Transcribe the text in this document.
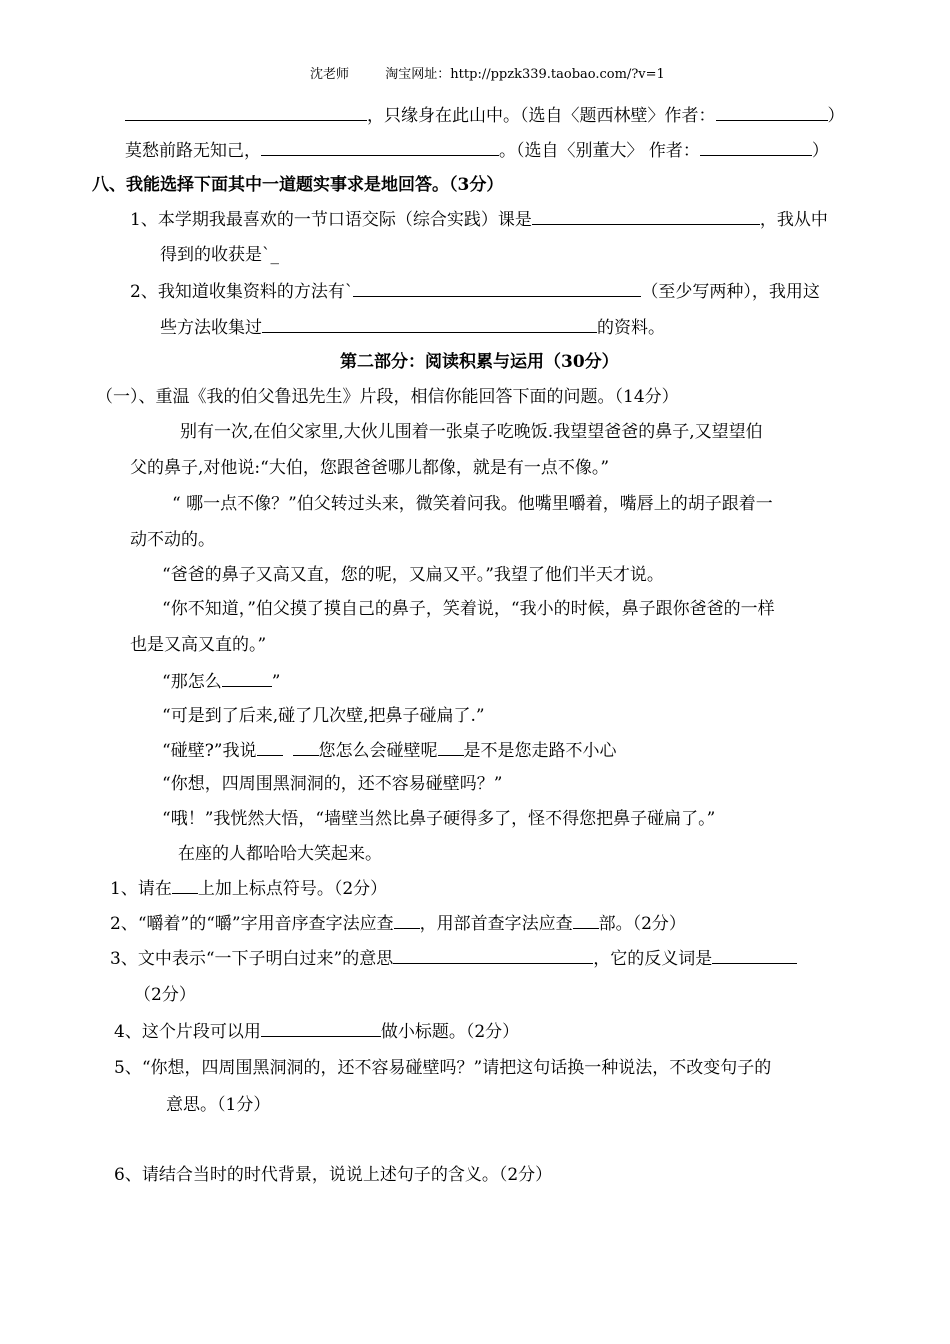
沈老师	淘宝网址：http://ppzk339.taobao.com/?v=1
，只缘身在此山中。（选自〈题西林壁〉作者：	）
莫愁前路无知己，	。（选自〈别董大〉 作者：	）
八、我能选择下面其中一道题实事求是地回答。（3分）
1、本学期我最喜欢的一节口语交际（综合实践）课是	，我从中
得到的收获是`_
2、我知道收集资料的方法有`	（至少写两种），我用这
些方法收集过	的资料。
第二部分：阅读积累与运用（30分）
（一）、重温《我的伯父鲁迅先生》片段，相信你能回答下面的问题。（14分）
别有一次,在伯父家里,大伙儿围着一张桌子吃晚饭.我望望爸爸的鼻子,又望望伯
父的鼻子,对他说:“大伯，您跟爸爸哪儿都像，就是有一点不像。”
“ 哪一点不像？”伯父转过头来，微笑着问我。他嘴里嚼着，嘴唇上的胡子跟着一
动不动的。
“爸爸的鼻子又高又直，您的呢，又扁又平。”我望了他们半天才说。
“你不知道，”伯父摸了摸自己的鼻子，笑着说，“我小的时候，鼻子跟你爸爸的一样
也是又高又直的。”
“那怎么	”
“可是到了后来,碰了几次壁,把鼻子碰扁了.”
“碰壁?”我说	您怎么会碰壁呢 是不是您走路不小心
“你想，四周围黑洞洞的，还不容易碰壁吗？”
“哦！”我恍然大悟，“墙壁当然比鼻子硬得多了，怪不得您把鼻子碰扁了。”
在座的人都哈哈大笑起来。
1、请在 上加上标点符号。（2分）
2、“嚼着”的“嚼”字用音序查字法应查 ，用部首查字法应查 部。（2分）
3、文中表示“一下子明白过来”的意思	，它的反义词是
（2分）
4、这个片段可以用	做小标题。（2分）
5、“你想，四周围黑洞洞的，还不容易碰壁吗？”请把这句话换一种说法，不改变句子的
意思。（1分）
6、请结合当时的时代背景，说说上述句子的含义。（2分）
